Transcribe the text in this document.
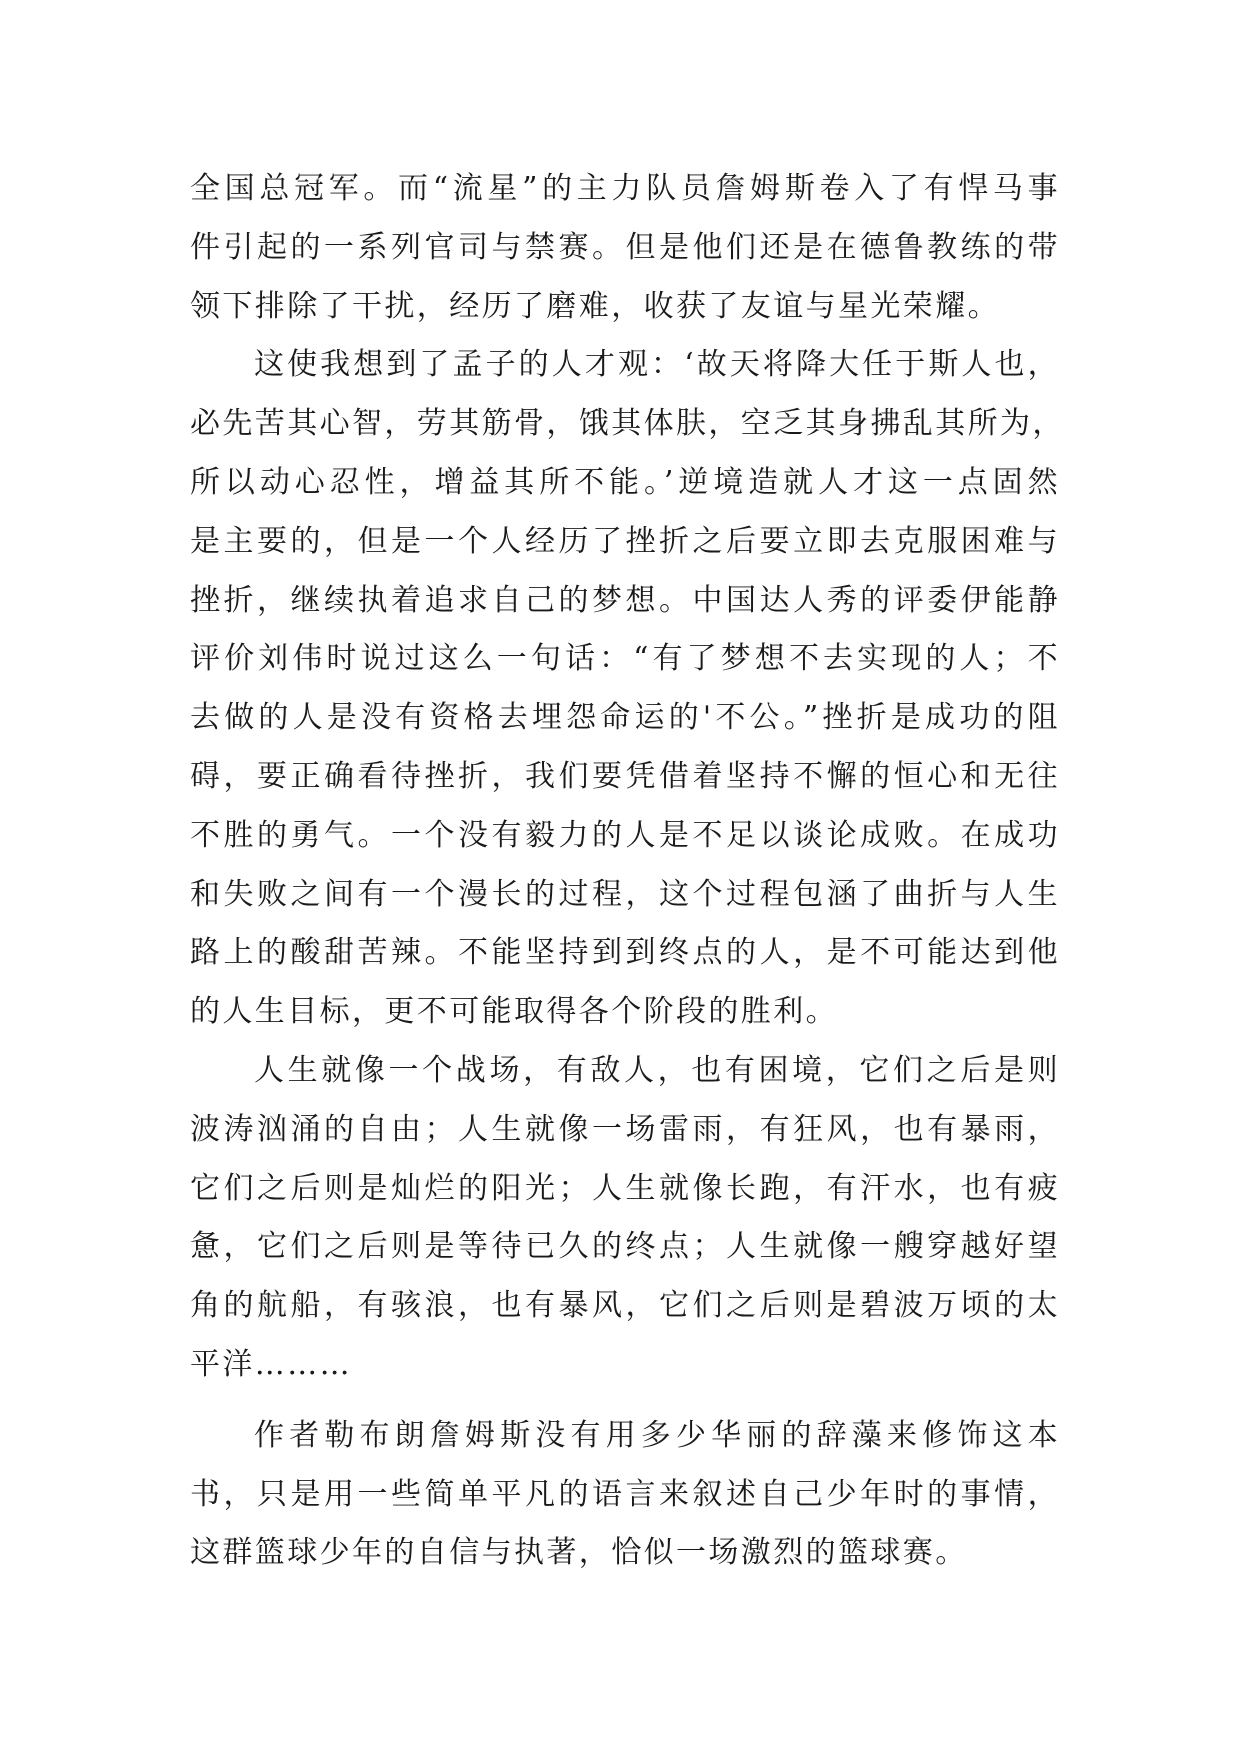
全国总冠军。而“流星”的主力队员詹姆斯卷入了有悍马事
件引起的一系列官司与禁赛。但是他们还是在德鲁教练的带
领下排除了干扰，经历了磨难，收获了友谊与星光荣耀。
这使我想到了孟子的人才观：‘故天将降大任于斯人也，
必先苦其心智，劳其筋骨，饿其体肤，空乏其身拂乱其所为，
所以动心忍性，增益其所不能。’逆境造就人才这一点固然
是主要的，但是一个人经历了挫折之后要立即去克服困难与
挫折，继续执着追求自己的梦想。中国达人秀的评委伊能静
评价刘伟时说过这么一句话：“有了梦想不去实现的人；不
去做的人是没有资格去埋怨命运的'不公。”挫折是成功的阻
碍，要正确看待挫折，我们要凭借着坚持不懈的恒心和无往
不胜的勇气。一个没有毅力的人是不足以谈论成败。在成功
和失败之间有一个漫长的过程，这个过程包涵了曲折与人生
路上的酸甜苦辣。不能坚持到到终点的人，是不可能达到他
的人生目标，更不可能取得各个阶段的胜利。
人生就像一个战场，有敌人，也有困境，它们之后是则
波涛汹涌的自由；人生就像一场雷雨，有狂风，也有暴雨，
它们之后则是灿烂的阳光；人生就像长跑，有汗水，也有疲
惫，它们之后则是等待已久的终点；人生就像一艘穿越好望
角的航船，有骇浪，也有暴风，它们之后则是碧波万顷的太
平洋………
作者勒布朗詹姆斯没有用多少华丽的辞藻来修饰这本
书，只是用一些简单平凡的语言来叙述自己少年时的事情，
这群篮球少年的自信与执著，恰似一场激烈的篮球赛。
